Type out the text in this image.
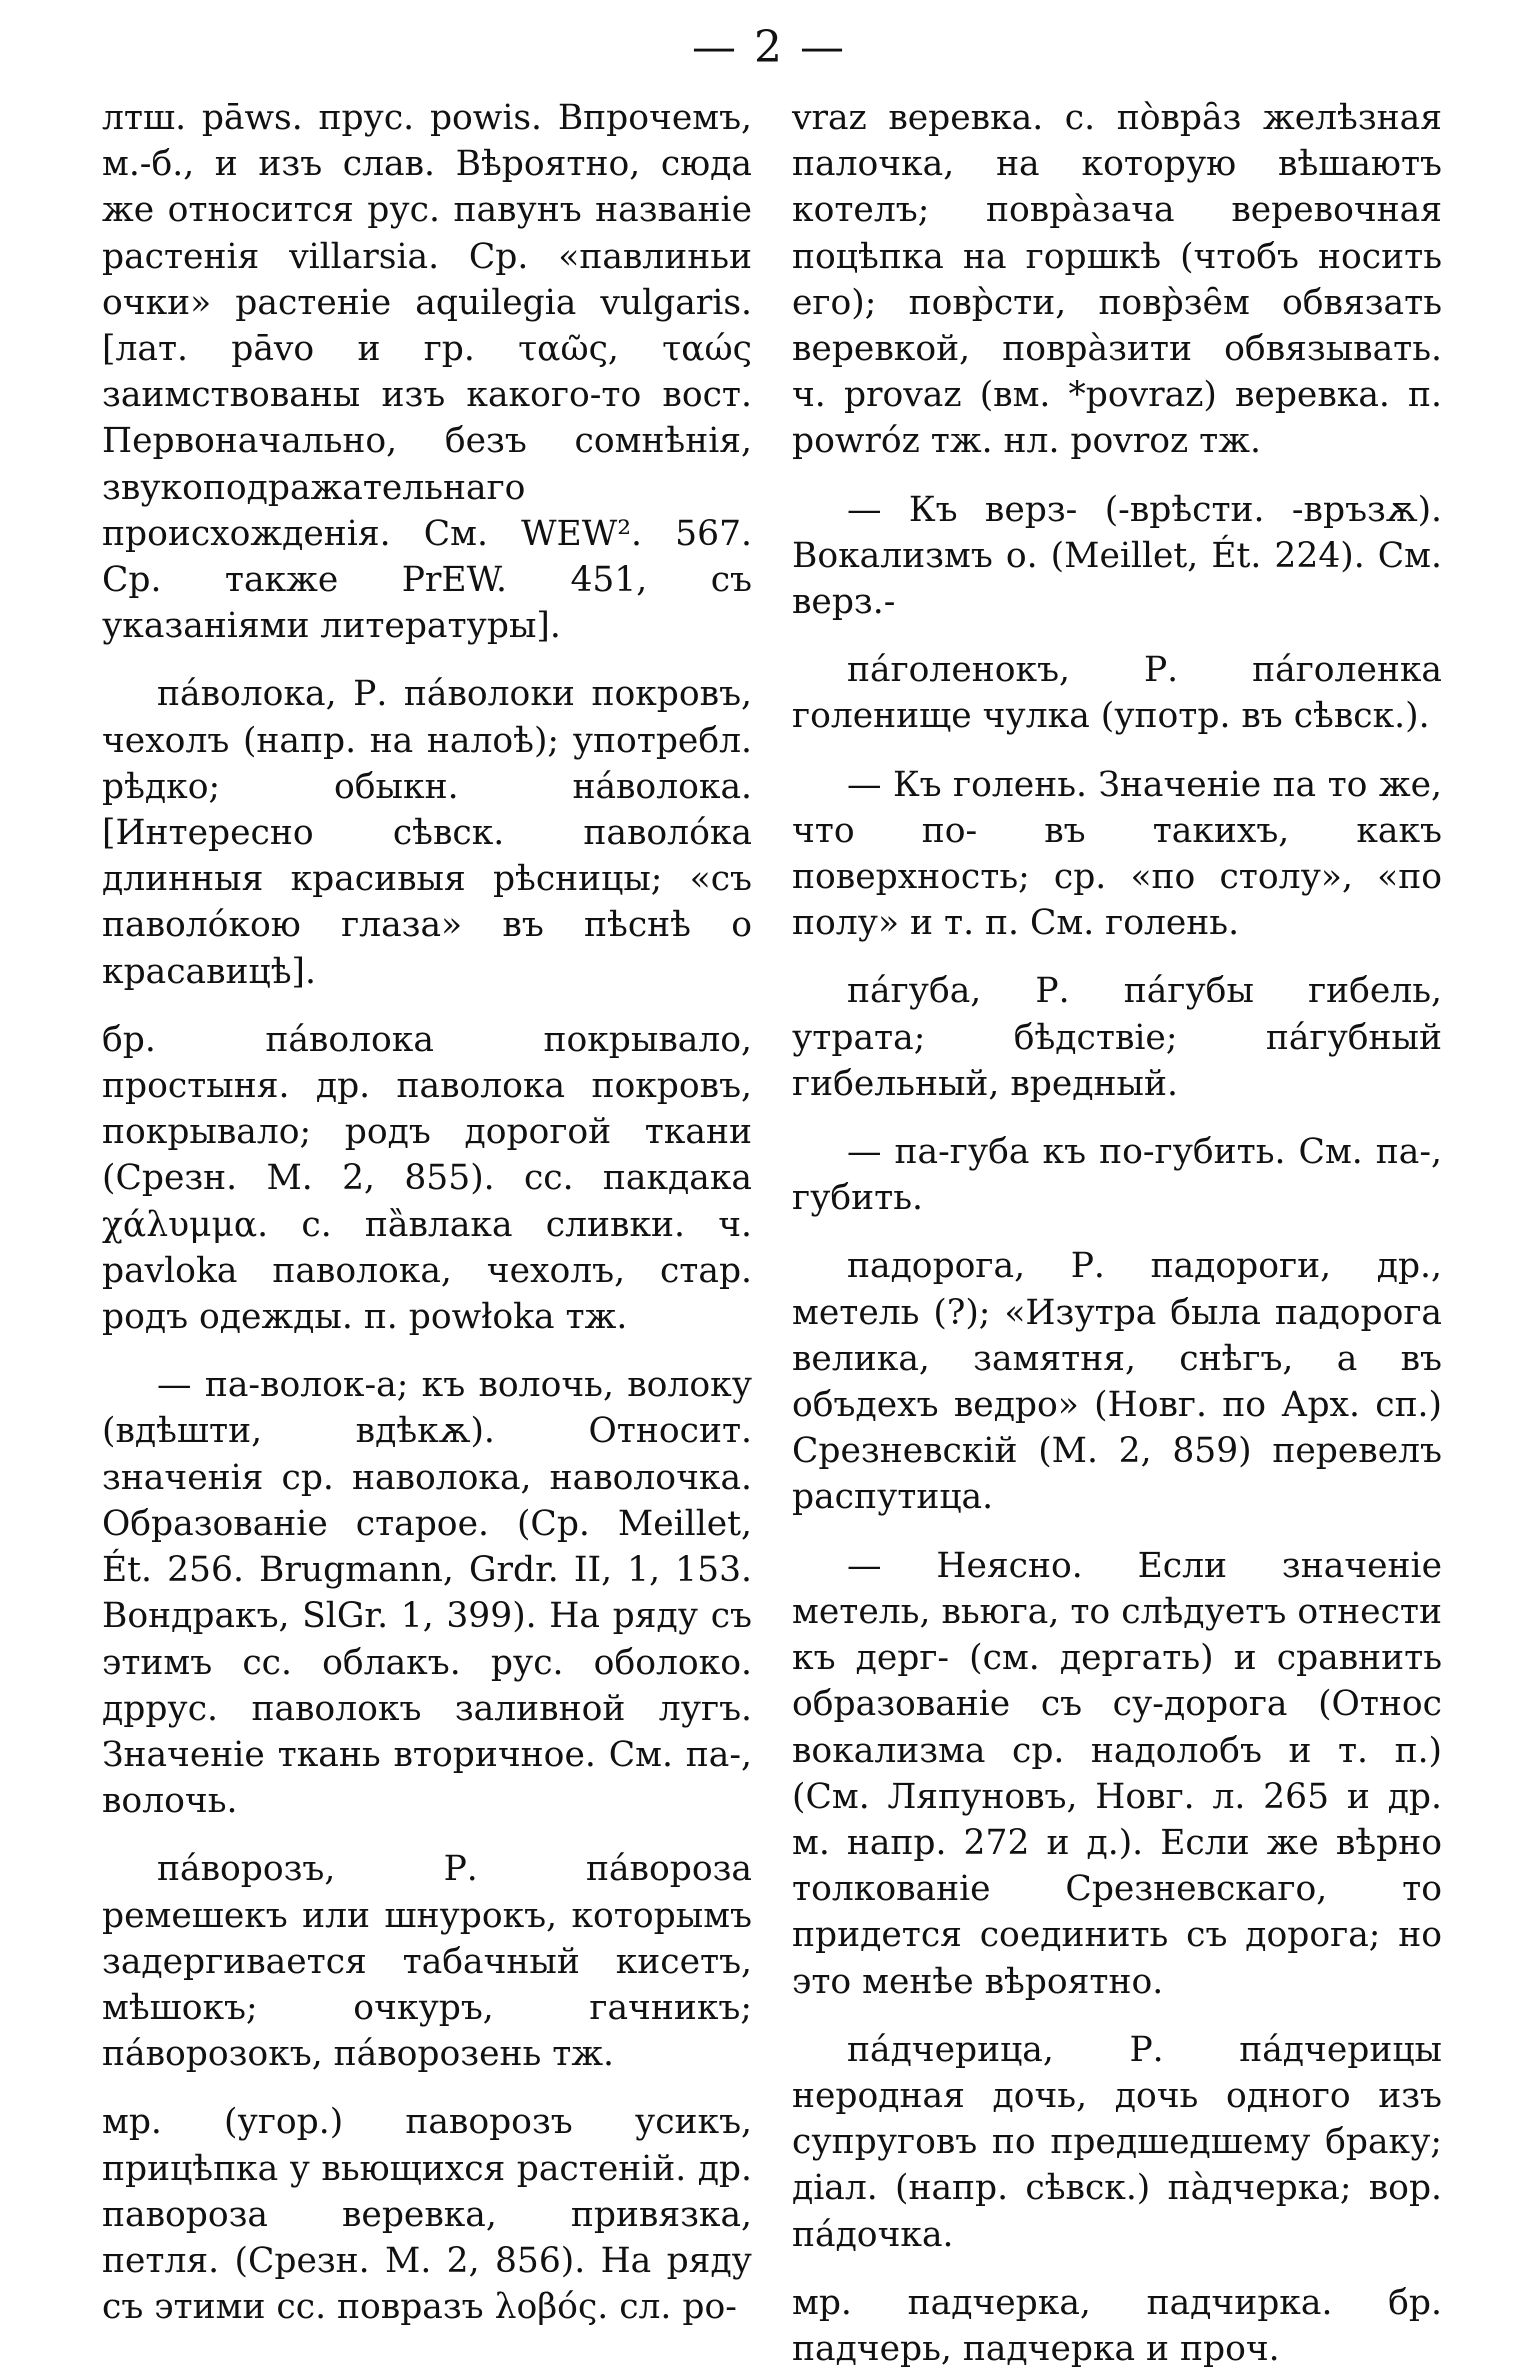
— 2 —

лтш. pāws. прус. powis. Впрочемъ, м.-б., и изъ слав. Вѣроятно, сюда же относится рус. павунъ названіе растенія villarsia. Ср. «павлиньи очки» растеніе aquilegia vulgaris. [лат. pāvo и гр. ταῶς, ταώς заимствованы изъ какого-то вост. Первоначально, безъ сомнѣнія, звукоподражательнаго происхожденія. См. WEW². 567. Ср. также PrEW. 451, съ указаніями литературы].

па́волока, Р. па́волоки покровъ, чехолъ (напр. на налоѣ); употребл. рѣдко; обыкн. на́волока. [Интересно сѣвск. паволо́ка длинныя красивыя рѣсницы; «съ паволо́кою глаза» въ пѣснѣ о красавицѣ].

бр. па́волока покрывало, простыня. др. паволока покровъ, покрывало; родъ дорогой ткани (Срезн. М. 2, 855). сс. пакдака χάλυμμα. с. па̏влака сливки. ч. pavloka паволока, чехолъ, стар. родъ одежды. п. powłoka тж.

— па-волок-а; къ волочь, волоку (вдѣшти, вдѣкѫ). Относит. значенія ср. наволока, наволочка. Образованіе старое. (Ср. Meillet, Ét. 256. Brugmann, Grdr. II, 1, 153. Вондракъ, SlGr. 1, 399). На ряду съ этимъ сс. облакъ. рус. оболоко. дррус. паволокъ заливной лугъ. Значеніе ткань вторичное. См. па-, волочь.

па́ворозъ, Р. па́вороза ремешекъ или шнурокъ, которымъ задергивается табачный кисетъ, мѣшокъ; очкуръ, гачникъ; па́ворозокъ, па́ворозень тж.

мр. (угор.) паворозъ усикъ, прицѣпка у вьющихся растеній. др. павороза веревка, привязка, петля. (Срезн. М. 2, 856). На ряду съ этими сс. повразъ λοβός. сл. po-

vraz веревка. с. пòвра̑з желѣзная палочка, на которую вѣшаютъ котелъ; повра̀зача веревочная поцѣпка на горшкѣ (чтобъ носить его); повр̀сти, повр̀зе̑м обвязать веревкой, повра̀зити обвязывать. ч. provaz (вм. *povraz) веревка. п. powróz тж. нл. povroz тж.

— Къ верз- (-врѣсти. -връзѫ). Вокализмъ о. (Meillet, Ét. 224). См. верз.-

па́голенокъ, Р. па́голенка голенище чулка (употр. въ сѣвск.).

— Къ голень. Значеніе па то же, что по- въ такихъ, какъ поверхность; ср. «по столу», «по полу» и т. п. См. голень.

па́губа, Р. па́губы гибель, утрата; бѣдствіе; па́губный гибельный, вредный.

— па-губа къ по-губить. См. па-, губить.

падорога, Р. падороги, др., метель (?); «Изутра была падорога велика, замятня, снѣгъ, а въ объдехъ ведро» (Новг. по Арх. сп.) Срезневскій (М. 2, 859) перевелъ распутица.

— Неясно. Если значеніе метель, вьюга, то слѣдуетъ отнести къ дерг- (см. дергать) и сравнить образованіе съ су-дорога (Относ вокализма ср. надолобъ и т. п.) (См. Ляпуновъ, Новг. л. 265 и др. м. напр. 272 и д.). Если же вѣрно толкованіе Срезневскаго, то придется соединить съ дорога; но это менѣе вѣроятно.

па́дчерица, Р. па́дчерицы неродная дочь, дочь одного изъ супруговъ по предшедшему браку; діал. (напр. сѣвск.) па̀дчерка; вор. па́дочка.

мр. падчерка, падчирка. бр. падчерь, падчерка и проч.
